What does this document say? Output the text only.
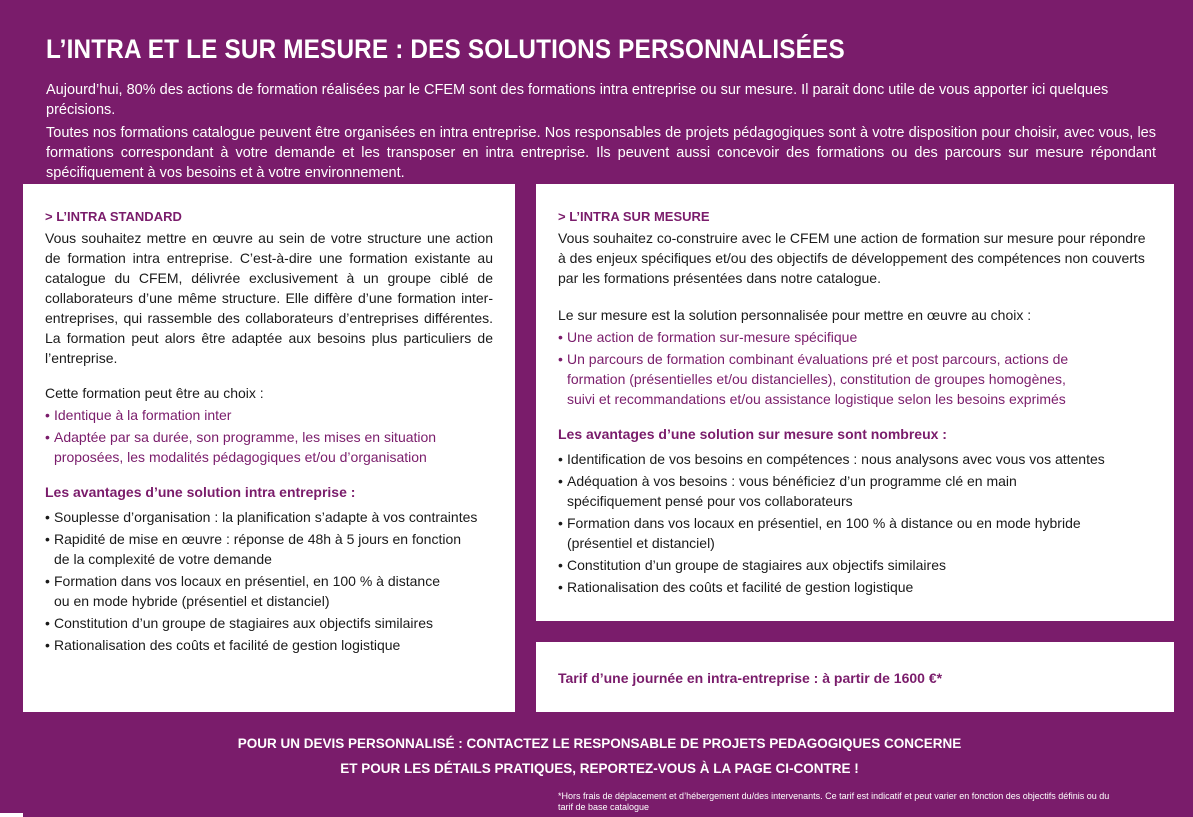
L’INTRA ET LE SUR MESURE : DES SOLUTIONS PERSONNALISÉES

Aujourd’hui, 80% des actions de formation réalisées par le CFEM sont des formations intra entreprise ou sur mesure. Il parait donc utile de vous apporter ici quelques précisions.

Toutes nos formations catalogue peuvent être organisées en intra entreprise. Nos responsables de projets pédagogiques sont à votre disposition pour choisir, avec vous, les formations correspondant à votre demande et les transposer en intra entreprise. Ils peuvent aussi concevoir des formations ou des parcours sur mesure répondant spécifiquement à vos besoins et à votre environnement.

> L’INTRA STANDARD

Vous souhaitez mettre en œuvre au sein de votre structure une action de formation intra entreprise. C’est-à-dire une formation existante au catalogue du CFEM, délivrée exclusivement à un groupe ciblé de collaborateurs d’une même structure. Elle diffère d’une formation inter-entreprises, qui rassemble des collaborateurs d’entreprises différentes. La formation peut alors être adaptée aux besoins plus particuliers de l’entreprise.

Cette formation peut être au choix :

• Identique à la formation inter
• Adaptée par sa durée, son programme, les mises en situation proposées, les modalités pédagogiques et/ou d’organisation

Les avantages d’une solution intra entreprise :

• Souplesse d’organisation : la planification s’adapte à vos contraintes
• Rapidité de mise en œuvre : réponse de 48h à 5 jours en fonction de la complexité de votre demande
• Formation dans vos locaux en présentiel, en 100 % à distance ou en mode hybride (présentiel et distanciel)
• Constitution d’un groupe de stagiaires aux objectifs similaires
• Rationalisation des coûts et facilité de gestion logistique

> L’INTRA SUR MESURE

Vous souhaitez co-construire avec le CFEM une action de formation sur mesure pour répondre à des enjeux spécifiques et/ou des objectifs de développement des compétences non couverts par les formations présentées dans notre catalogue.

Le sur mesure est la solution personnalisée pour mettre en œuvre au choix :

• Une action de formation sur-mesure spécifique
• Un parcours de formation combinant évaluations pré et post parcours, actions de formation (présentielles et/ou distancielles), constitution de groupes homogènes, suivi et recommandations et/ou assistance logistique selon les besoins exprimés

Les avantages d’une solution sur mesure sont nombreux :

• Identification de vos besoins en compétences : nous analysons avec vous vos attentes
• Adéquation à vos besoins : vous bénéficiez d’un programme clé en main spécifiquement pensé pour vos collaborateurs
• Formation dans vos locaux en présentiel, en 100 % à distance ou en mode hybride (présentiel et distanciel)
• Constitution d’un groupe de stagiaires aux objectifs similaires
• Rationalisation des coûts et facilité de gestion logistique

Tarif d’une journée en intra-entreprise : à partir de 1600 €*

POUR UN DEVIS PERSONNALISÉ : CONTACTEZ LE RESPONSABLE DE PROJETS PEDAGOGIQUES CONCERNE
ET POUR LES DÉTAILS PRATIQUES, REPORTEZ-VOUS À LA PAGE CI-CONTRE !
*Hors frais de déplacement et d’hébergement du/des intervenants. Ce tarif est indicatif et peut varier en fonction des objectifs définis ou du tarif de base catalogue
